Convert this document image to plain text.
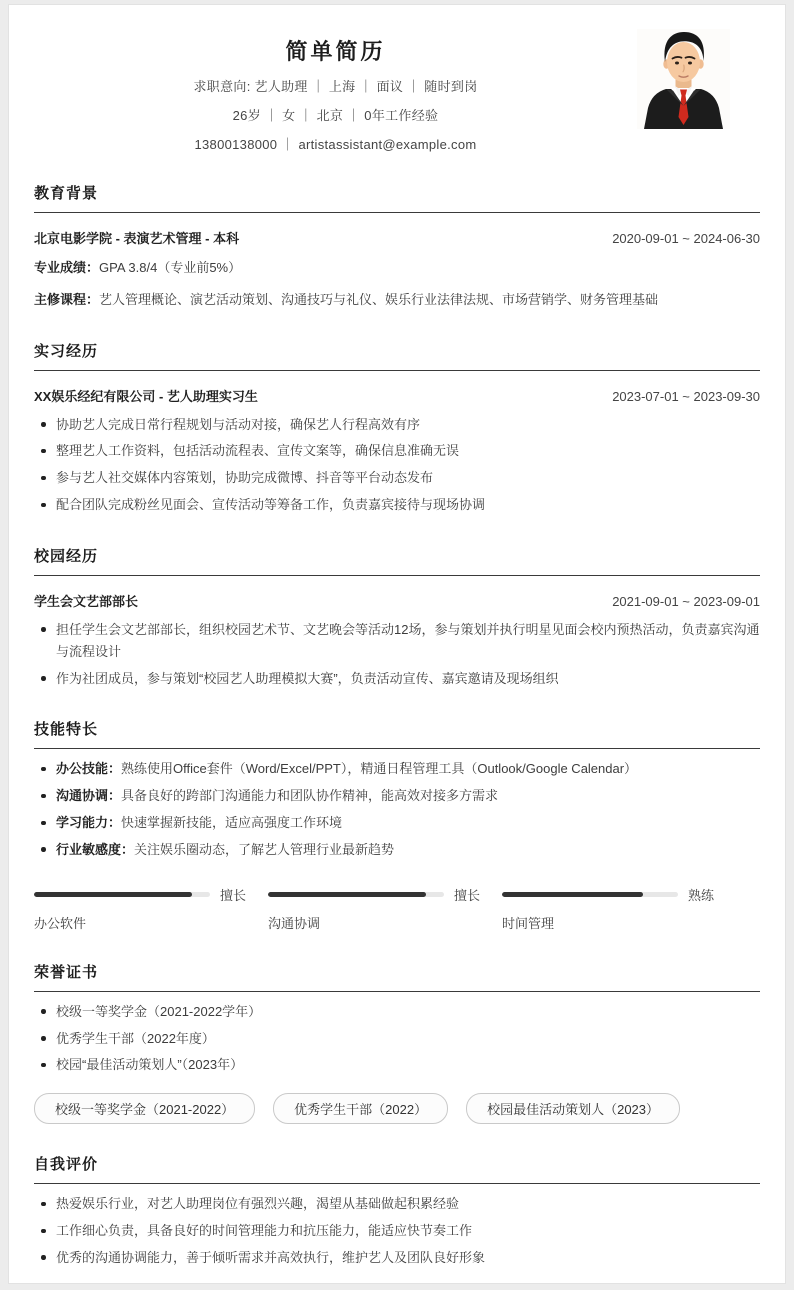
简单简历
求职意向: 艺人助理 ｜ 上海 ｜ 面议 ｜ 随时到岗
26岁 ｜ 女 ｜ 北京 ｜ 0年工作经验
13800138000 ｜ artistassistant@example.com
教育背景
北京电影学院 - 表演艺术管理 - 本科	2020-09-01 ~ 2024-06-30
专业成绩：GPA 3.8/4（专业前5%）
主修课程：艺人管理概论、演艺活动策划、沟通技巧与礼仪、娱乐行业法律法规、市场营销学、财务管理基础
实习经历
XX娱乐经纪有限公司 - 艺人助理实习生	2023-07-01 ~ 2023-09-30
协助艺人完成日常行程规划与活动对接，确保艺人行程高效有序
整理艺人工作资料，包括活动流程表、宣传文案等，确保信息准确无误
参与艺人社交媒体内容策划，协助完成微博、抖音等平台动态发布
配合团队完成粉丝见面会、宣传活动等筹备工作，负责嘉宾接待与现场协调
校园经历
学生会文艺部部长	2021-09-01 ~ 2023-09-01
担任学生会文艺部部长，组织校园艺术节、文艺晚会等活动12场，参与策划并执行明星见面会校内预热活动，负责嘉宾沟通与流程设计
作为社团成员，参与策划“校园艺人助理模拟大赛”，负责活动宣传、嘉宾邀请及现场组织
技能特长
办公技能：熟练使用Office套件（Word/Excel/PPT），精通日程管理工具（Outlook/Google Calendar）
沟通协调：具备良好的跨部门沟通能力和团队协作精神，能高效对接多方需求
学习能力：快速掌握新技能，适应高强度工作环境
行业敏感度：关注娱乐圈动态，了解艺人管理行业最新趋势
擅长
办公软件
擅长
沟通协调
熟练
时间管理
荣誉证书
校级一等奖学金（2021-2022学年）
优秀学生干部（2022年度）
校园“最佳活动策划人”（2023年）
校级一等奖学金（2021-2022）	优秀学生干部（2022）	校园最佳活动策划人（2023）
自我评价
热爱娱乐行业，对艺人助理岗位有强烈兴趣，渴望从基础做起积累经验
工作细心负责，具备良好的时间管理能力和抗压能力，能适应快节奏工作
优秀的沟通协调能力，善于倾听需求并高效执行，维护艺人及团队良好形象
